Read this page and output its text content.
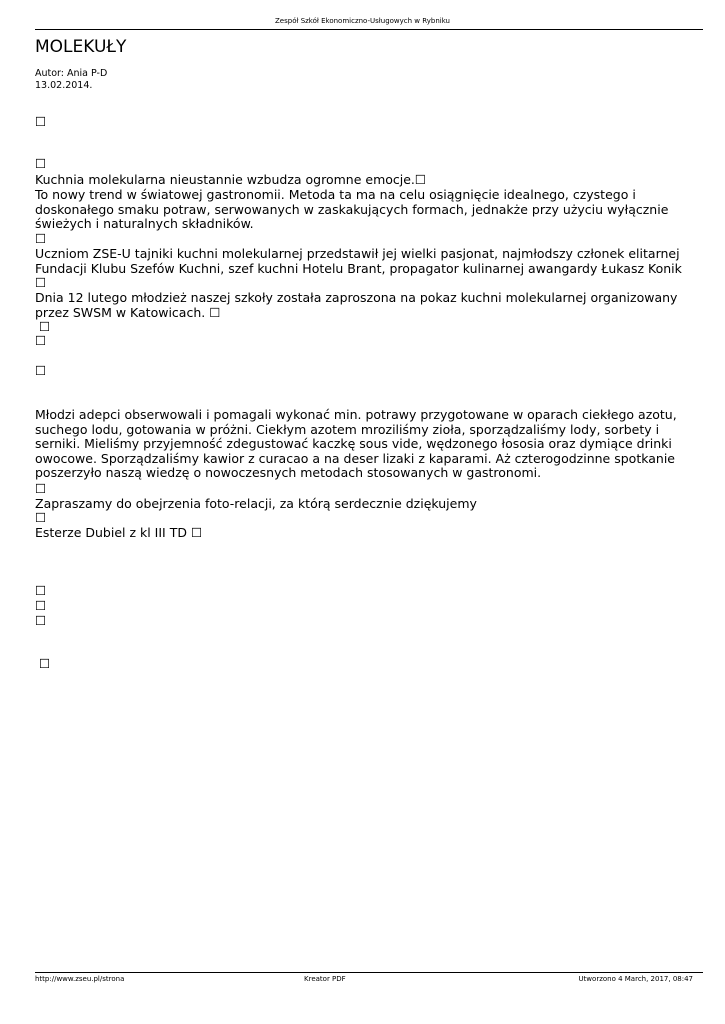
Zespół Szkół Ekonomiczno-Usługowych w Rybniku
MOLEKUŁY
Autor: Ania P-D
13.02.2014.
☐
☐

Kuchnia molekularna nieustannie wzbudza ogromne emocje.☐

To nowy trend w światowej gastronomii. Metoda ta ma na celu osiągnięcie idealnego, czystego i
doskonałego smaku potraw, serwowanych w zaskakujących formach, jednakże przy użyciu wyłącznie
świeżych i naturalnych składników.

☐

Uczniom ZSE-U tajniki kuchni molekularnej przedstawił jej wielki pasjonat, najmłodszy członek elitarnej
Fundacji Klubu Szefów Kuchni, szef kuchni Hotelu Brant, propagator kulinarnej awangardy Łukasz Konik

☐

Dnia 12 lutego młodzież naszej szkoły została zaproszona na pokaz kuchni molekularnej organizowany
przez SWSM w Katowicach. ☐

☐
☐
☐

Młodzi adepci obserwowali i pomagali wykonać min. potrawy przygotowane w oparach ciekłego azotu,
suchego lodu, gotowania w próżni. Ciekłym azotem mroziliśmy zioła, sporządzaliśmy lody, sorbety i
serniki. Mieliśmy przyjemność zdegustować kaczkę sous vide, wędzonego łososia oraz dymiące drinki
owocowe. Sporządzaliśmy kawior z curacao a na deser lizaki z kaparami. Aż czterogodzinne spotkanie
poszerzyło naszą wiedzę o nowoczesnych metodach stosowanych w gastronomi.

☐

Zapraszamy do obejrzenia foto-relacji, za którą serdecznie dziękujemy

☐

Esterze Dubiel z kl III TD ☐

☐
☐
☐
☐
http://www.zseu.pl/strona	Kreator PDF	Utworzono 4 March, 2017, 08:47
